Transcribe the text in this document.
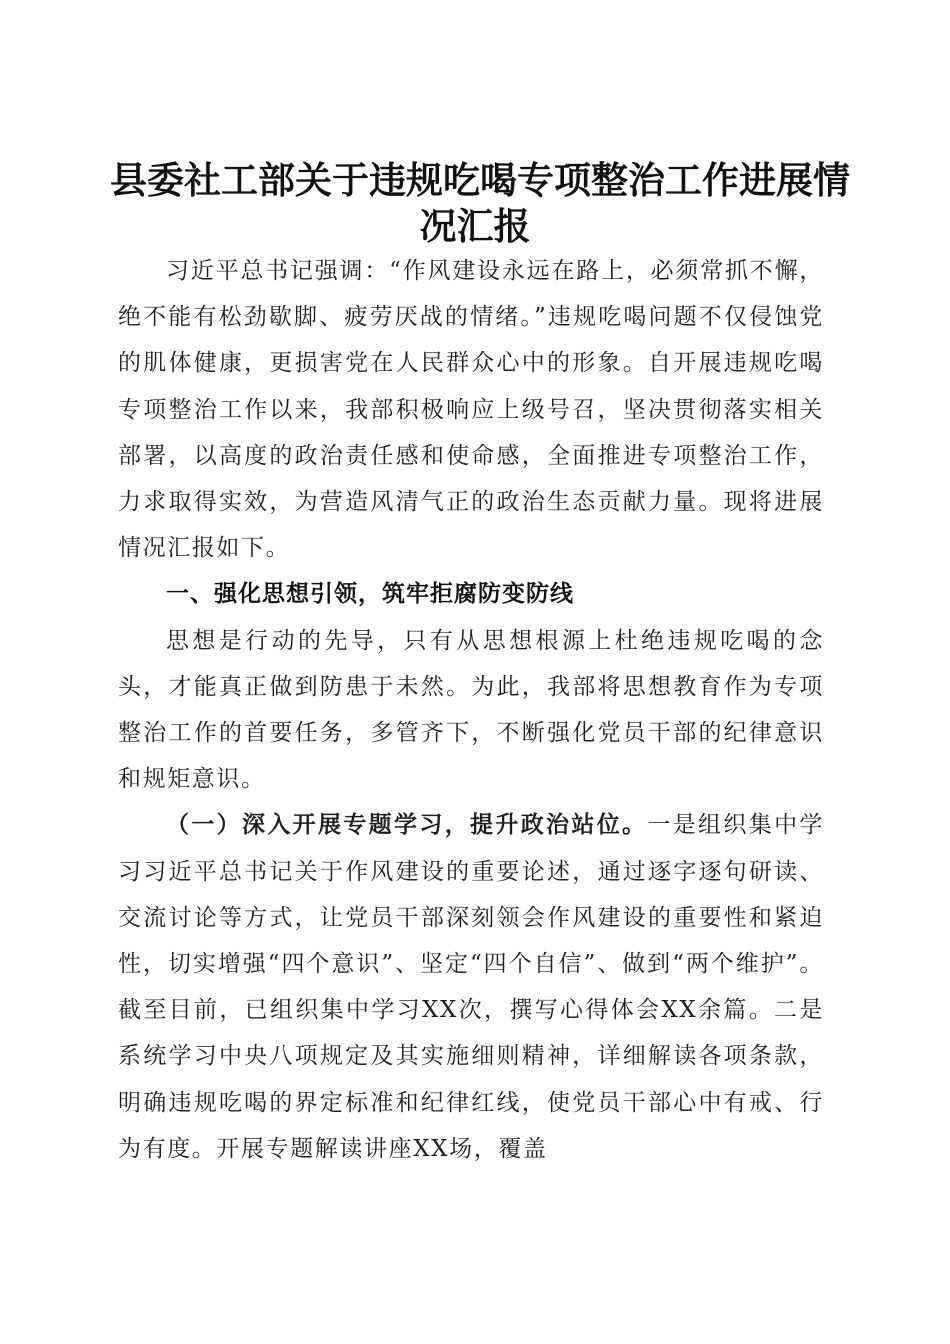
县委社工部关于违规吃喝专项整治工作进展情
况汇报

习近平总书记强调：“作风建设永远在路上，必须常抓不懈，绝不能有松劲歇脚、疲劳厌战的情绪。”违规吃喝问题不仅侵蚀党的肌体健康，更损害党在人民群众心中的形象。自开展违规吃喝专项整治工作以来，我部积极响应上级号召，坚决贯彻落实相关部署，以高度的政治责任感和使命感，全面推进专项整治工作，力求取得实效，为营造风清气正的政治生态贡献力量。现将进展情况汇报如下。

一、强化思想引领，筑牢拒腐防变防线

思想是行动的先导，只有从思想根源上杜绝违规吃喝的念头，才能真正做到防患于未然。为此，我部将思想教育作为专项整治工作的首要任务，多管齐下，不断强化党员干部的纪律意识和规矩意识。

（一）深入开展专题学习，提升政治站位。一是组织集中学习习近平总书记关于作风建设的重要论述，通过逐字逐句研读、交流讨论等方式，让党员干部深刻领会作风建设的重要性和紧迫性，切实增强“四个意识”、坚定“四个自信”、做到“两个维护”。截至目前，已组织集中学习XX次，撰写心得体会XX余篇。二是系统学习中央八项规定及其实施细则精神，详细解读各项条款，明确违规吃喝的界定标准和纪律红线，使党员干部心中有戒、行为有度。开展专题解读讲座XX场，覆盖
